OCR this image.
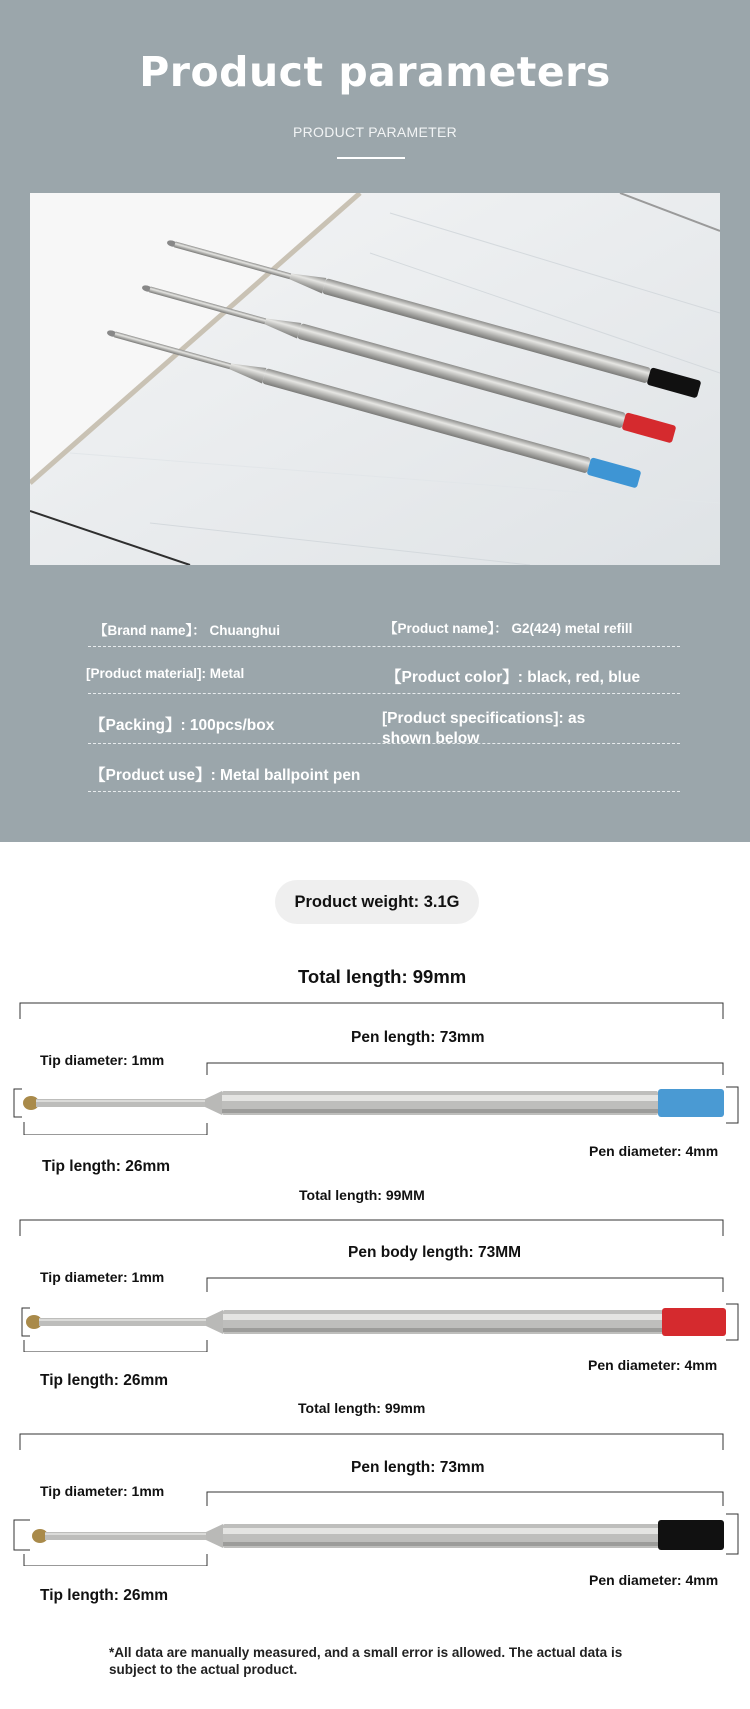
Product parameters
PRODUCT PARAMETER
【Brand name】： Chuanghui	【Product name】： G2(424) metal refill
[Product material]: Metal	【Product color】: black, red, blue
【Packing】: 100pcs/box	[Product specifications]: as shown below
【Product use】: Metal ballpoint pen
Product weight: 3.1G
Total length: 99mm
Pen length: 73mm
Tip diameter: 1mm
Tip length: 26mm
Pen diameter: 4mm
Total length: 99MM
Pen body length: 73MM
Tip diameter: 1mm
Tip length: 26mm
Pen diameter: 4mm
Total length: 99mm
Pen length: 73mm
Tip diameter: 1mm
Tip length: 26mm
Pen diameter: 4mm
*All data are manually measured, and a small error is allowed. The actual data is subject to the actual product.
